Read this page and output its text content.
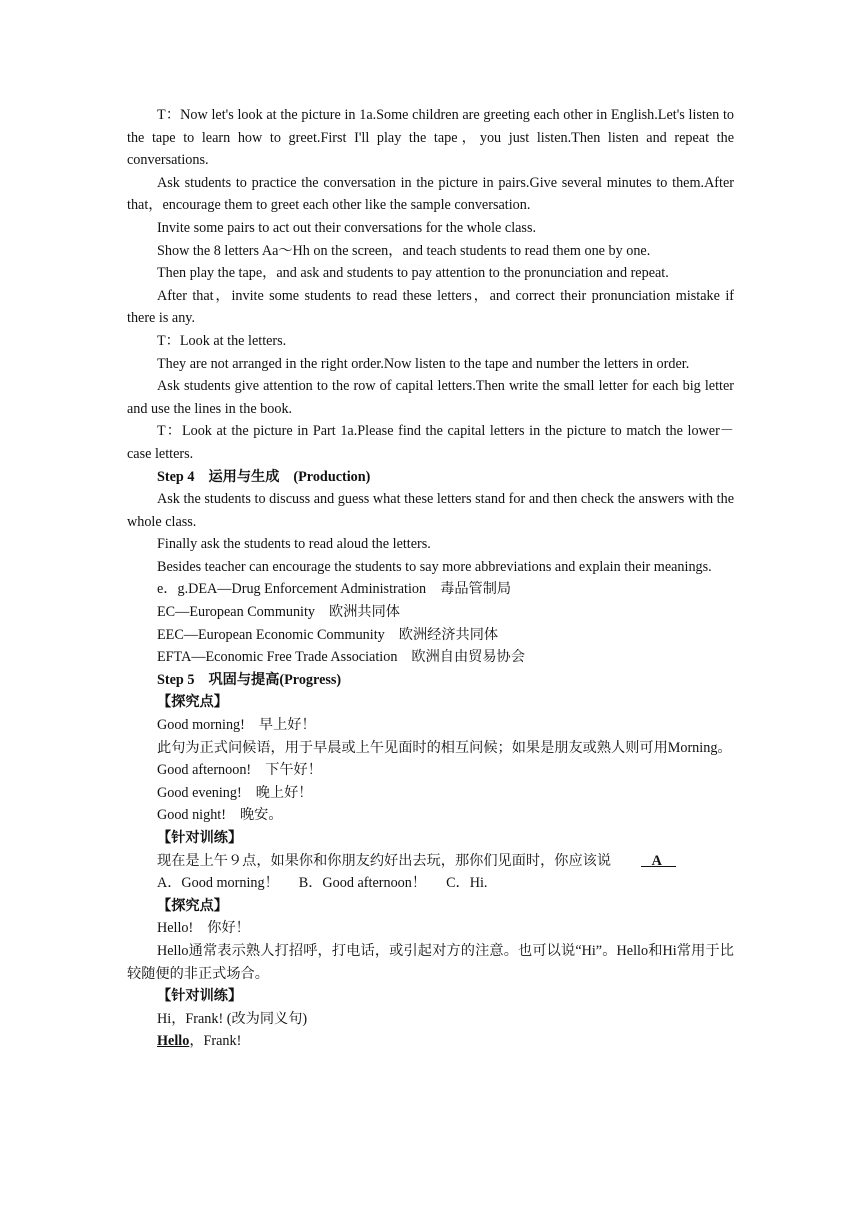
T：Now let's look at the picture in 1a.Some children are greeting each other in English.Let's listen to the tape to learn how to greet.First I'll play the tape，you just listen.Then listen and repeat the conversations.

Ask students to practice the conversation in the picture in pairs.Give several minutes to them.After that，encourage them to greet each other like the sample conversation.

Invite some pairs to act out their conversations for the whole class.

Show the 8 letters Aa～Hh on the screen，and teach students to read them one by one.

Then play the tape，and ask and students to pay attention to the pronunciation and repeat.

After that，invite some students to read these letters，and correct their pronunciation mistake if there is any.

T：Look at the letters.

They are not arranged in the right order.Now listen to the tape and number the letters in order.

Ask students give attention to the row of capital letters.Then write the small letter for each big letter and use the lines in the book.

T：Look at the picture in Part 1a.Please find the capital letters in the picture to match the lower－case letters.

Step 4 运用与生成 (Production)

Ask the students to discuss and guess what these letters stand for and then check the answers with the whole class.

Finally ask the students to read aloud the letters.

Besides teacher can encourage the students to say more abbreviations and explain their meanings.

e．g.DEA—Drug Enforcement Administration 毒品管制局

EC—European Community 欧洲共同体

EEC—European Economic Community 欧洲经济共同体

EFTA—Economic Free Trade Association 欧洲自由贸易协会

Step 5 巩固与提高(Progress)

【探究点】

Good morning! 早上好！

此句为正式问候语，用于早晨或上午见面时的相互问候；如果是朋友或熟人则可用Morning。

Good afternoon! 下午好！

Good evening! 晚上好！

Good night! 晚安。

【针对训练】

现在是上午９点，如果你和你朋友约好出去玩，那你们见面时，你应该说	A

A．Good morning！ B．Good afternoon！ C．Hi.

【探究点】

Hello! 你好！

Hello通常表示熟人打招呼，打电话，或引起对方的注意。也可以说“Hi”。Hello和Hi常用于比较随便的非正式场合。

【针对训练】

Hi，Frank! (改为同义句)

Hello，Frank!
